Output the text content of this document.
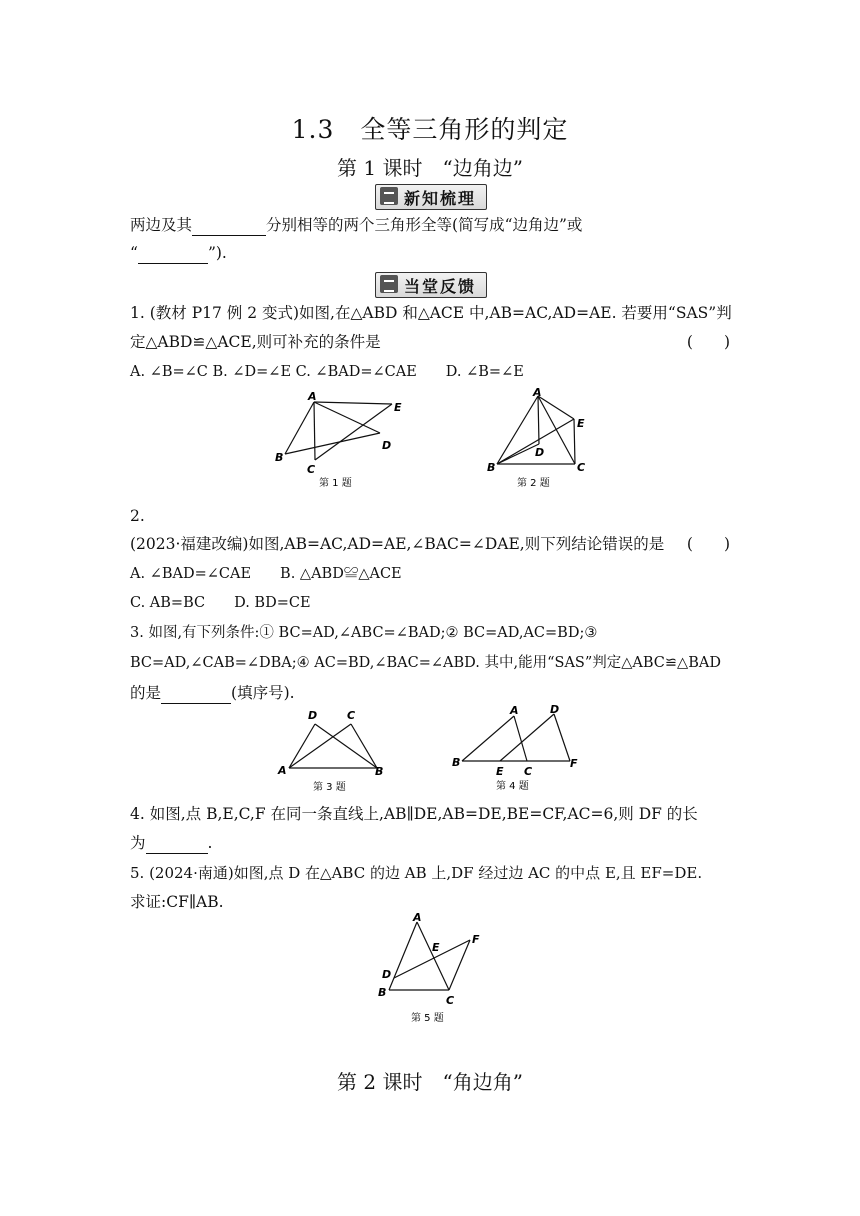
1.3　全等三角形的判定
第 1 课时　“边角边”
新知梳理
两边及其	分别相等的两个三角形全等(简写成“边角边”或
“	”).
当堂反馈
1. (教材 P17 例 2 变式)如图,在△ABD 和△ACE 中,AB=AC,AD=AE. 若要用“SAS”判
定△ABD≌△ACE,则可补充的条件是	(　　)
A. ∠B=∠C B. ∠D=∠E C. ∠BAD=∠CAE　　D. ∠B=∠E
A
E
D
B
C
第 1 题
A
E
D
B	C
第 2 题
2.
(2023·福建改编)如图,AB=AC,AD=AE,∠BAC=∠DAE,则下列结论错误的是 (　　)
A. ∠BAD=∠CAE　　B. △ABD≌△ACE
C. AB=BC　　D. BD=CE
3. 如图,有下列条件:① BC=AD,∠ABC=∠BAD;② BC=AD,AC=BD;③
BC=AD,∠CAB=∠DBA;④ AC=BD,∠BAC=∠ABD. 其中,能用“SAS”判定△ABC≌△BAD
的是	(填序号).
D	C
A	B
第 3 题
A	D
B
E C
F
第 4 题
4. 如图,点 B,E,C,F 在同一条直线上,AB∥DE,AB=DE,BE=CF,AC=6,则 DF 的长
为	.
5. (2024·南通)如图,点 D 在△ABC 的边 AB 上,DF 经过边 AC 的中点 E,且 EF=DE.
求证:CF∥AB.
A
F
E
D
B
C
第 5 题
第 2 课时　“角边角”
